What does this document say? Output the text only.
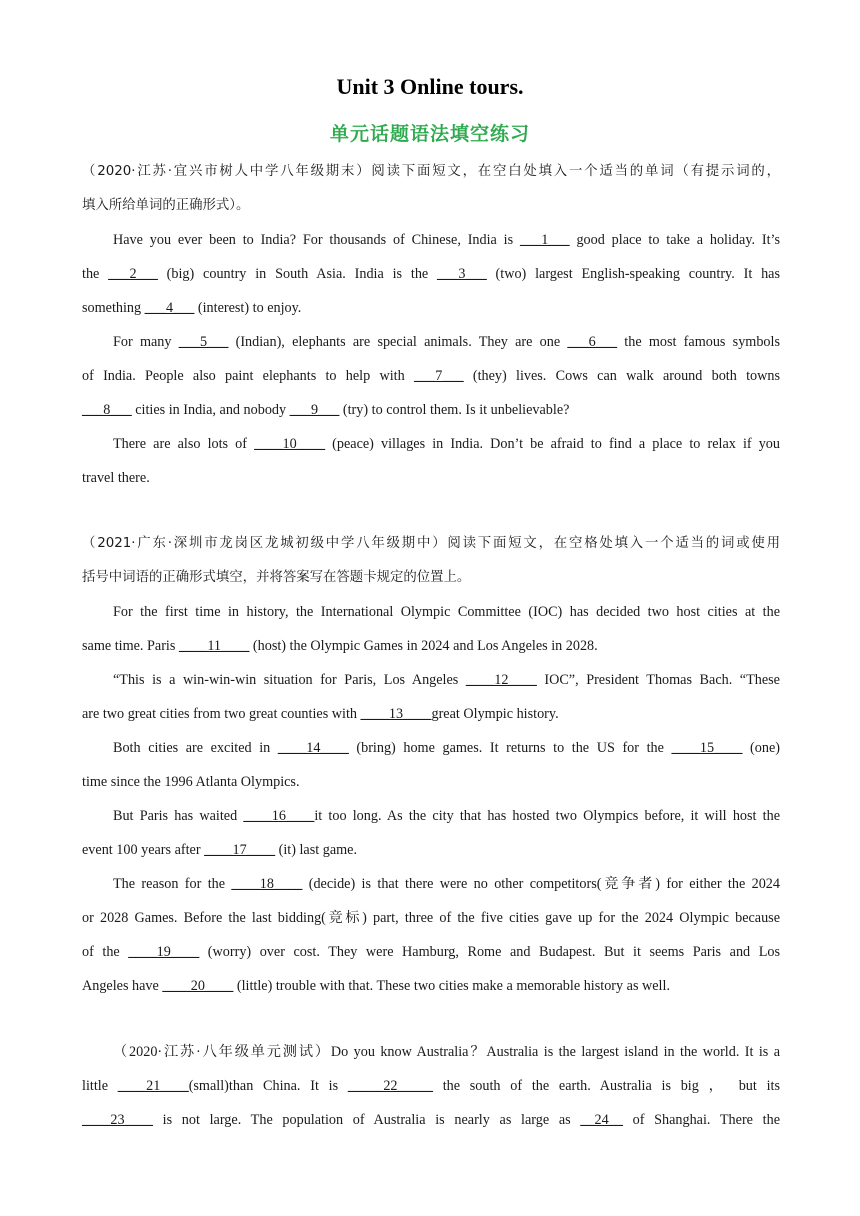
Unit 3 Online tours.
单元话题语法填空练习
（2020·江苏·宜兴市树人中学八年级期末）阅读下面短文，在空白处填入一个适当的单词（有提示词的，
填入所给单词的正确形式）。
Have you ever been to India? For thousands of Chinese, India is ___1___ good place to take a holiday. It’s
the ___2___ (big) country in South Asia. India is the ___3___ (two) largest English-speaking country. It has
something ___4___ (interest) to enjoy.
For many ___5___ (Indian), elephants are special animals. They are one ___6___ the most famous symbols
of India. People also paint elephants to help with ___7___ (they) lives. Cows can walk around both towns
___8___ cities in India, and nobody ___9___ (try) to control them. Is it unbelievable?
There are also lots of ____10____ (peace) villages in India. Don’t be afraid to find a place to relax if you
travel there.
（2021·广东·深圳市龙岗区龙城初级中学八年级期中）阅读下面短文，在空格处填入一个适当的词或使用
括号中词语的正确形式填空，并将答案写在答题卡规定的位置上。
For the first time in history, the International Olympic Committee (IOC) has decided two host cities at the
same time. Paris ____11____ (host) the Olympic Games in 2024 and Los Angeles in 2028.
“This is a win-win-win situation for Paris, Los Angeles ____12____ IOC”, President Thomas Bach. “These
are two great cities from two great counties with ____13____great Olympic history.
Both cities are excited in ____14____ (bring) home games. It returns to the US for the ____15____ (one)
time since the 1996 Atlanta Olympics.
But Paris has waited ____16____it too long. As the city that has hosted two Olympics before, it will host the
event 100 years after ____17____ (it) last game.
The reason for the ____18____ (decide) is that there were no other competitors(竞争者) for either the 2024
or 2028 Games. Before the last bidding(竞标) part, three of the five cities gave up for the 2024 Olympic because
of the ____19____ (worry) over cost. They were Hamburg, Rome and Budapest. But it seems Paris and Los
Angeles have ____20____ (little) trouble with that. These two cities make a memorable history as well.
（2020·江苏·八年级单元测试）Do you know Australia？Australia is the largest island in the world. It is a
little ____21____(small)than China. It is _____22_____ the south of the earth. Australia is big ， but its
____23____ is not large. The population of Australia is nearly as large as __24__ of Shanghai. There the
